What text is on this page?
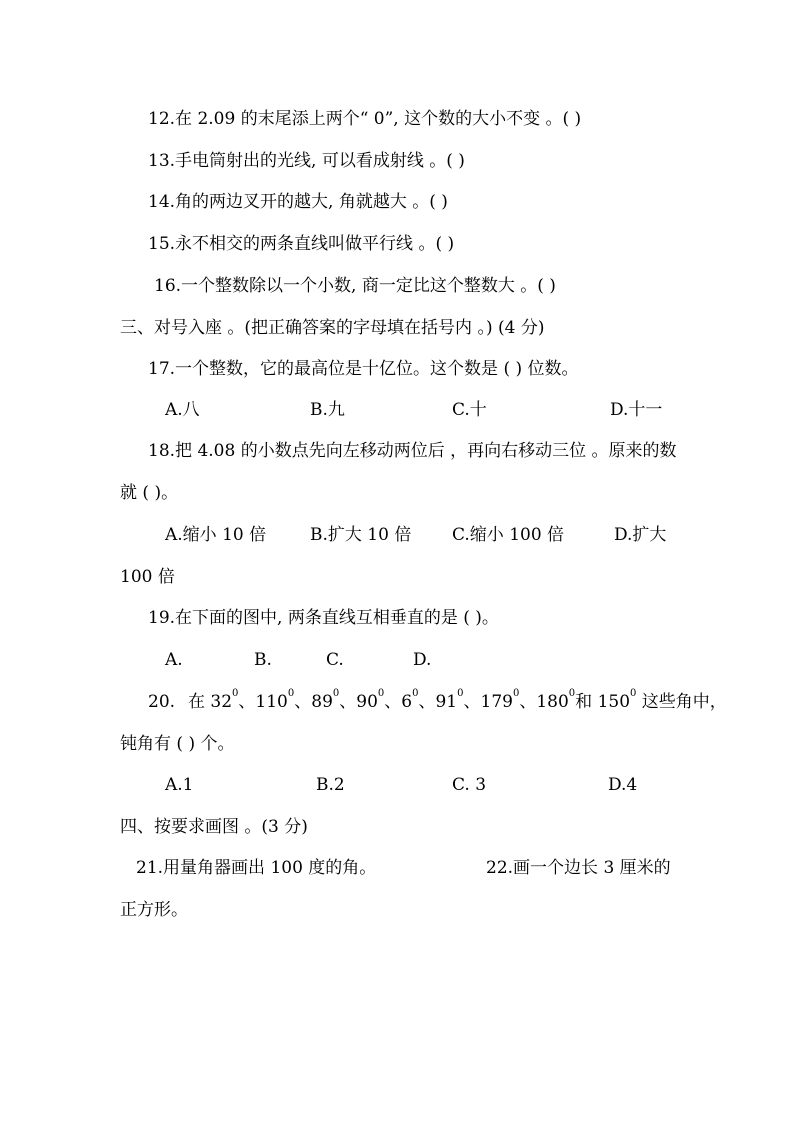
12.在 2.09 的末尾添上两个“ 0”, 这个数的大小不变 。( )
13.手电筒射出的光线, 可以看成射线 。( )
14.角的两边叉开的越大, 角就越大 。( )
15.永不相交的两条直线叫做平行线 。( )
16.一个整数除以一个小数, 商一定比这个整数大 。( )
三、对号入座 。(把正确答案的字母填在括号内 。) (4 分)
17.一个整数，它的最高位是十亿位。这个数是 ( ) 位数。
A.八	B.九	C.十	D.十一
18.把 4.08 的小数点先向左移动两位后 ，再向右移动三位 。原来的数
就 ( )。
A.缩小 10 倍	B.扩大 10 倍 C.缩小 100 倍	D.扩大
100 倍
19.在下面的图中, 两条直线互相垂直的是 ( )。
A.	B.	C.	D.
20. 在 $32^0$、$110^0$、$89^0$、$90^0$、$6^0$、$91^0$、$179^0$、$180^0$和 $150^0$ 这些角中，
钝角有 ( ) 个。
A.1	B.2	C. 3	D.4
四、按要求画图 。(3 分)
21.用量角器画出 100 度的角。	22.画一个边长 3 厘米的
正方形。
